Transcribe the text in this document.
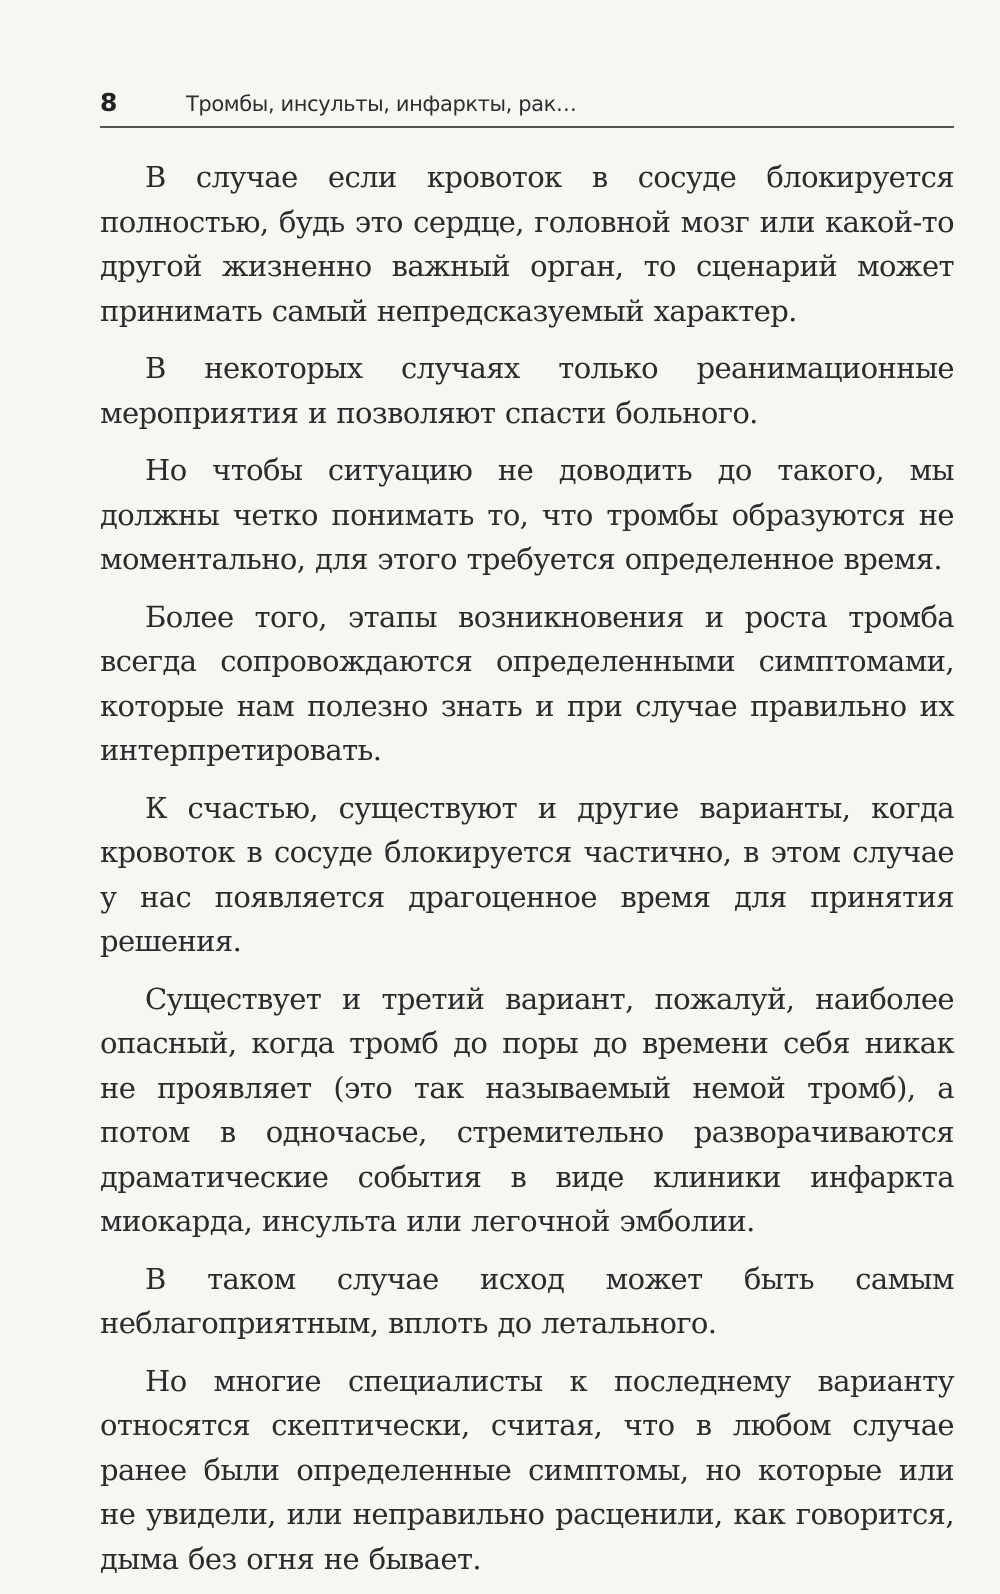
8	Тромбы, инсульты, инфаркты, рак…

В случае если кровоток в сосуде блокируется полностью, будь это сердце, головной мозг или какой-то другой жизненно важный орган, то сценарий может принимать самый непредсказуемый характер.

В некоторых случаях только реанимационные мероприятия и позволяют спасти больного.

Но чтобы ситуацию не доводить до такого, мы должны четко понимать то, что тромбы образуются не моментально, для этого требуется определенное время.

Более того, этапы возникновения и роста тромба всегда сопровождаются определенными симптомами, которые нам полезно знать и при случае правильно их интерпретировать.

К счастью, существуют и другие варианты, когда кровоток в сосуде блокируется частично, в этом случае у нас появляется драгоценное время для принятия решения.

Существует и третий вариант, пожалуй, наиболее опасный, когда тромб до поры до времени себя никак не проявляет (это так называемый немой тромб), а потом в одночасье, стремительно разворачиваются драматические события в виде клиники инфаркта миокарда, инсульта или легочной эмболии.

В таком случае исход может быть самым неблагоприятным, вплоть до летального.

Но многие специалисты к последнему варианту относятся скептически, считая, что в любом случае ранее были определенные симптомы, но которые или не увидели, или неправильно расценили, как говорится, дыма без огня не бывает.
